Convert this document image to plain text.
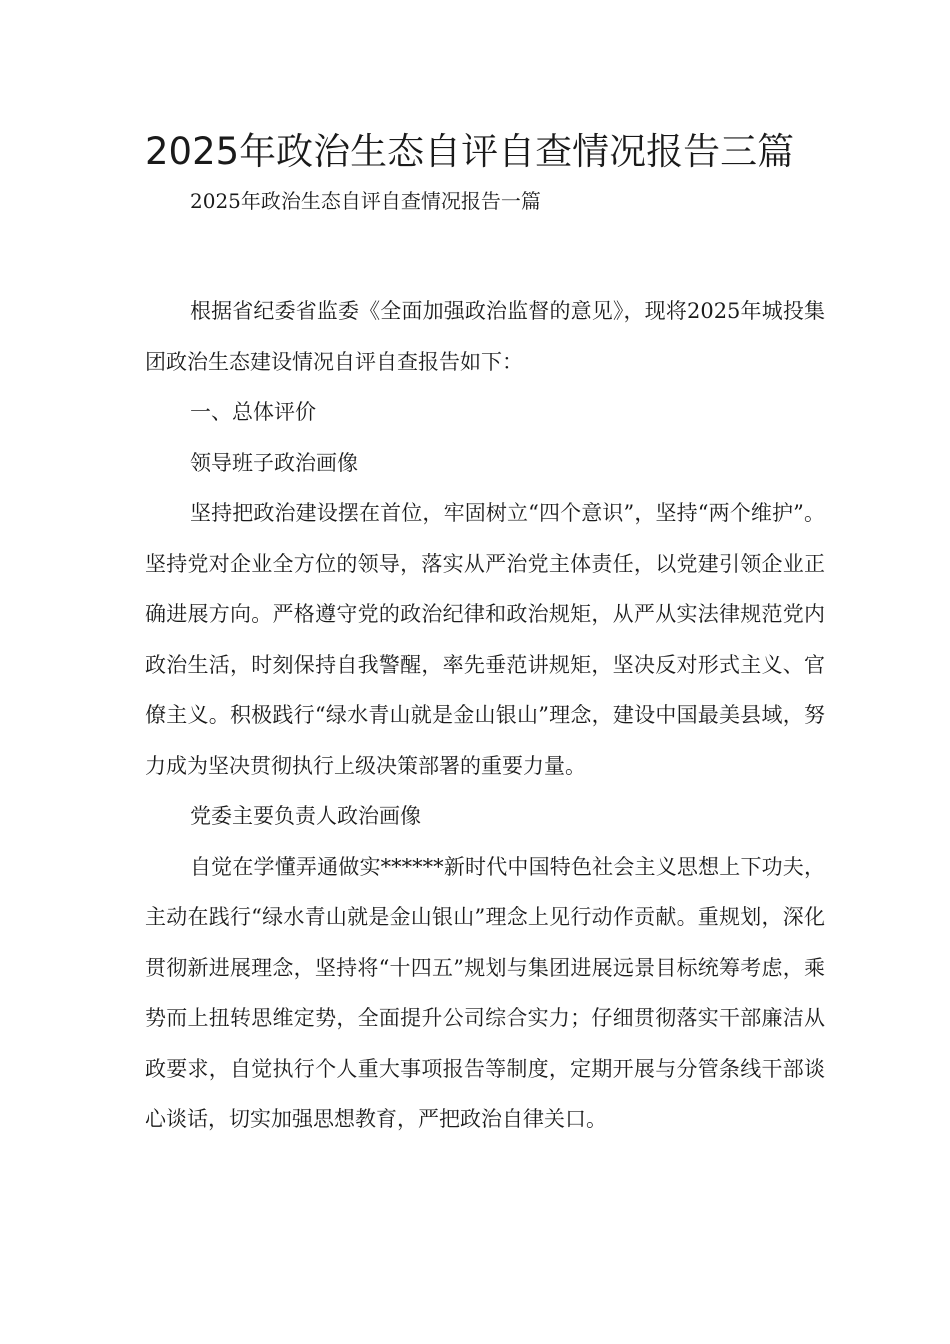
2025年政治生态自评自查情况报告三篇

2025年政治生态自评自查情况报告一篇

根据省纪委省监委《全面加强政治监督的意见》，现将2025年城投集团政治生态建设情况自评自查报告如下：

一、总体评价

领导班子政治画像

坚持把政治建设摆在首位，牢固树立“四个意识”，坚持“两个维护”。坚持党对企业全方位的领导，落实从严治党主体责任，以党建引领企业正确进展方向。严格遵守党的政治纪律和政治规矩，从严从实法律规范党内政治生活，时刻保持自我警醒，率先垂范讲规矩，坚决反对形式主义、官僚主义。积极践行“绿水青山就是金山银山”理念，建设中国最美县域，努力成为坚决贯彻执行上级决策部署的重要力量。

党委主要负责人政治画像

自觉在学懂弄通做实******新时代中国特色社会主义思想上下功夫，主动在践行“绿水青山就是金山银山”理念上见行动作贡献。重规划，深化贯彻新进展理念，坚持将“十四五”规划与集团进展远景目标统筹考虑，乘势而上扭转思维定势，全面提升公司综合实力；仔细贯彻落实干部廉洁从政要求，自觉执行个人重大事项报告等制度，定期开展与分管条线干部谈心谈话，切实加强思想教育，严把政治自律关口。
